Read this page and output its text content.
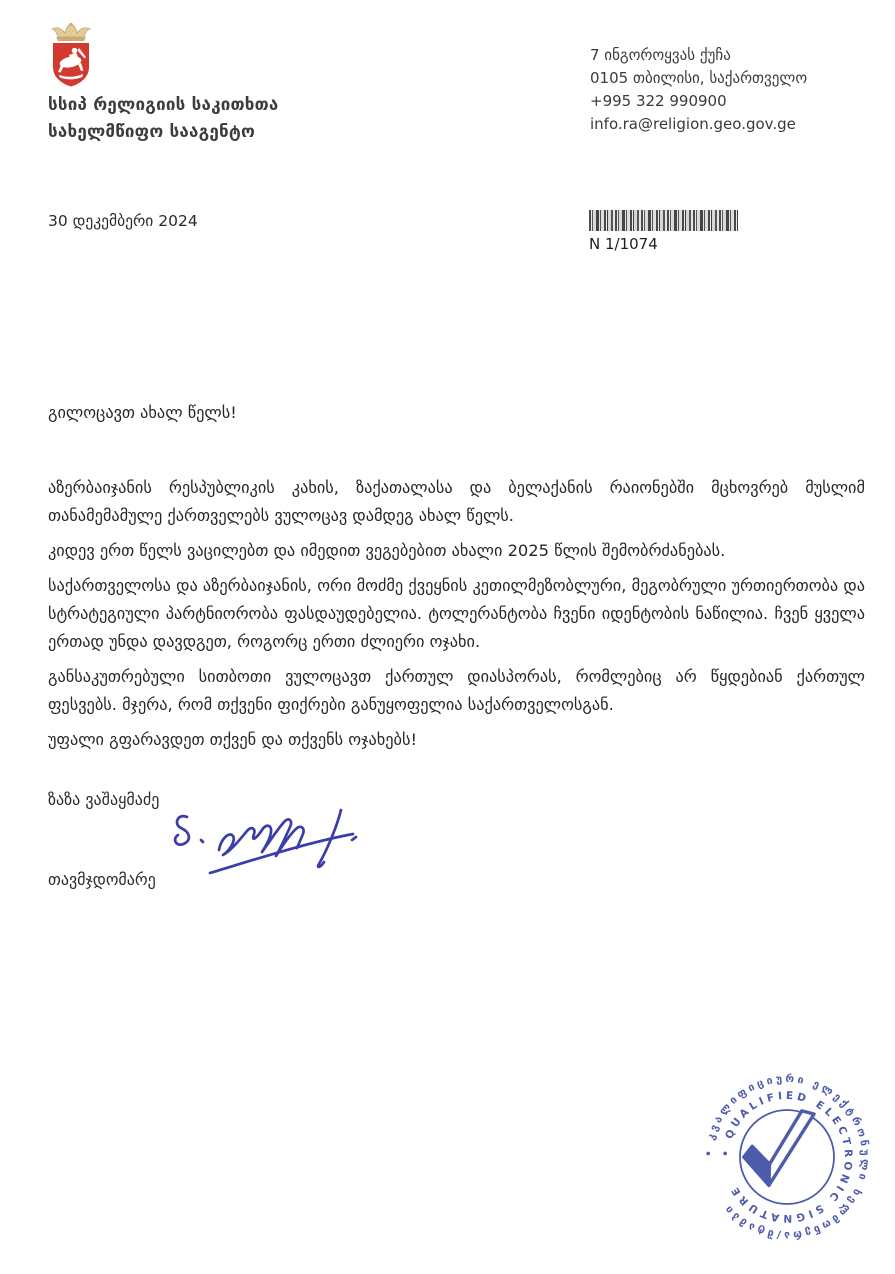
სსიპ რელიგიის საკითხთა
სახელმწიფო სააგენტო
7 ინგოროყვას ქუჩა
0105 თბილისი, საქართველო
+995 322 990900
info.ra@religion.geo.gov.ge
30 დეკემბერი 2024
N 1/1074

გილოცავთ ახალ წელს!

აზერბაიჯანის რესპუბლიკის კახის, ზაქათალასა და ბელაქანის რაიონებში მცხოვრებ მუსლიმ თანამემამულე ქართველებს ვულოცავ დამდეგ ახალ წელს.

კიდევ ერთ წელს ვაცილებთ და იმედით ვეგებებით ახალი 2025 წლის შემობრძანებას.

საქართველოსა და აზერბაიჯანის, ორი მოძმე ქვეყნის კეთილმეზობლური, მეგობრული ურთიერთობა და სტრატეგიული პარტნიორობა ფასდაუდებელია. ტოლერანტობა ჩვენი იდენტობის ნაწილია. ჩვენ ყველა ერთად უნდა დავდგეთ, როგორც ერთი ძლიერი ოჯახი.

განსაკუთრებული სითბოთი ვულოცავთ ქართულ დიასპორას, რომლებიც არ წყდებიან ქართულ ფესვებს. მჯერა, რომ თქვენი ფიქრები განუყოფელია საქართველოსგან.

უფალი გფარავდეთ თქვენ და თქვენს ოჯახებს!

ზაზა ვაშაყმაძე
თავმჯდომარე
• კვალიფიციური ელექტრონული ხელმოწერა/შტამპი
• QUALIFIED ELECTRONIC SIGNATURE
